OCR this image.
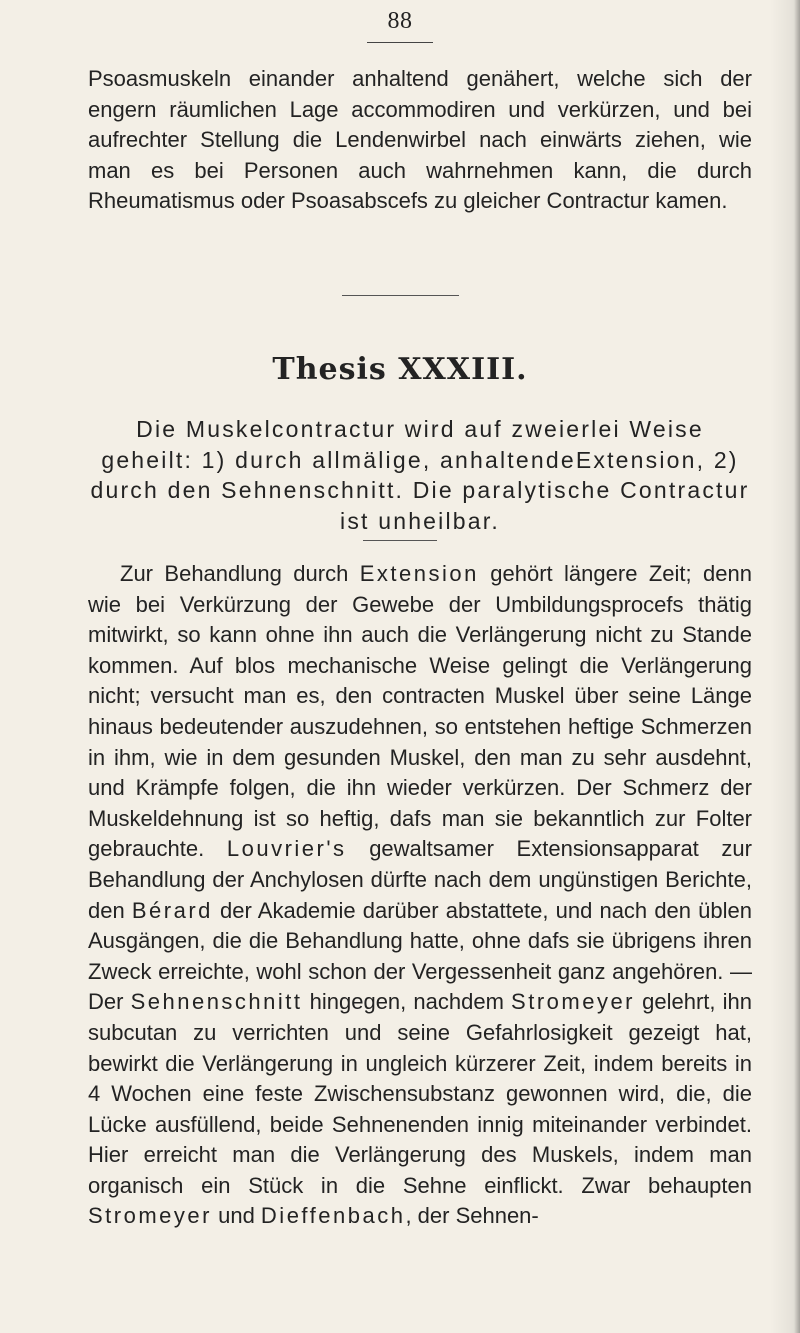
88

Psoasmuskeln einander anhaltend genähert, welche sich der engern räumlichen Lage accommodiren und verkürzen, und bei aufrechter Stellung die Lendenwirbel nach einwärts ziehen, wie man es bei Personen auch wahrnehmen kann, die durch Rheumatismus oder Psoasabscefs zu gleicher Contractur kamen.

Thesis XXXIII.

Die Muskelcontractur wird auf zweierlei Weise geheilt: 1) durch allmälige, anhaltendeExtension, 2) durch den Sehnenschnitt. Die paralytische Contractur ist unheilbar.

Zur Behandlung durch Extension gehört längere Zeit; denn wie bei Verkürzung der Gewebe der Umbildungsprocefs thätig mitwirkt, so kann ohne ihn auch die Verlängerung nicht zu Stande kommen. Auf blos mechanische Weise gelingt die Verlängerung nicht; versucht man es, den contracten Muskel über seine Länge hinaus bedeutender auszudehnen, so entstehen heftige Schmerzen in ihm, wie in dem gesunden Muskel, den man zu sehr ausdehnt, und Krämpfe folgen, die ihn wieder verkürzen. Der Schmerz der Muskeldehnung ist so heftig, dafs man sie bekanntlich zur Folter gebrauchte. Louvrier's gewaltsamer Extensionsapparat zur Behandlung der Anchylosen dürfte nach dem ungünstigen Berichte, den Bérard der Akademie darüber abstattete, und nach den üblen Ausgängen, die die Behandlung hatte, ohne dafs sie übrigens ihren Zweck erreichte, wohl schon der Vergessenheit ganz angehören. — Der Sehnenschnitt hingegen, nachdem Stromeyer gelehrt, ihn subcutan zu verrichten und seine Gefahrlosigkeit gezeigt hat, bewirkt die Verlängerung in ungleich kürzerer Zeit, indem bereits in 4 Wochen eine feste Zwischensubstanz gewonnen wird, die, die Lücke ausfüllend, beide Sehnenenden innig miteinander verbindet. Hier erreicht man die Verlängerung des Muskels, indem man organisch ein Stück in die Sehne einflickt. Zwar behaupten Stromeyer und Dieffenbach, der Sehnen-
